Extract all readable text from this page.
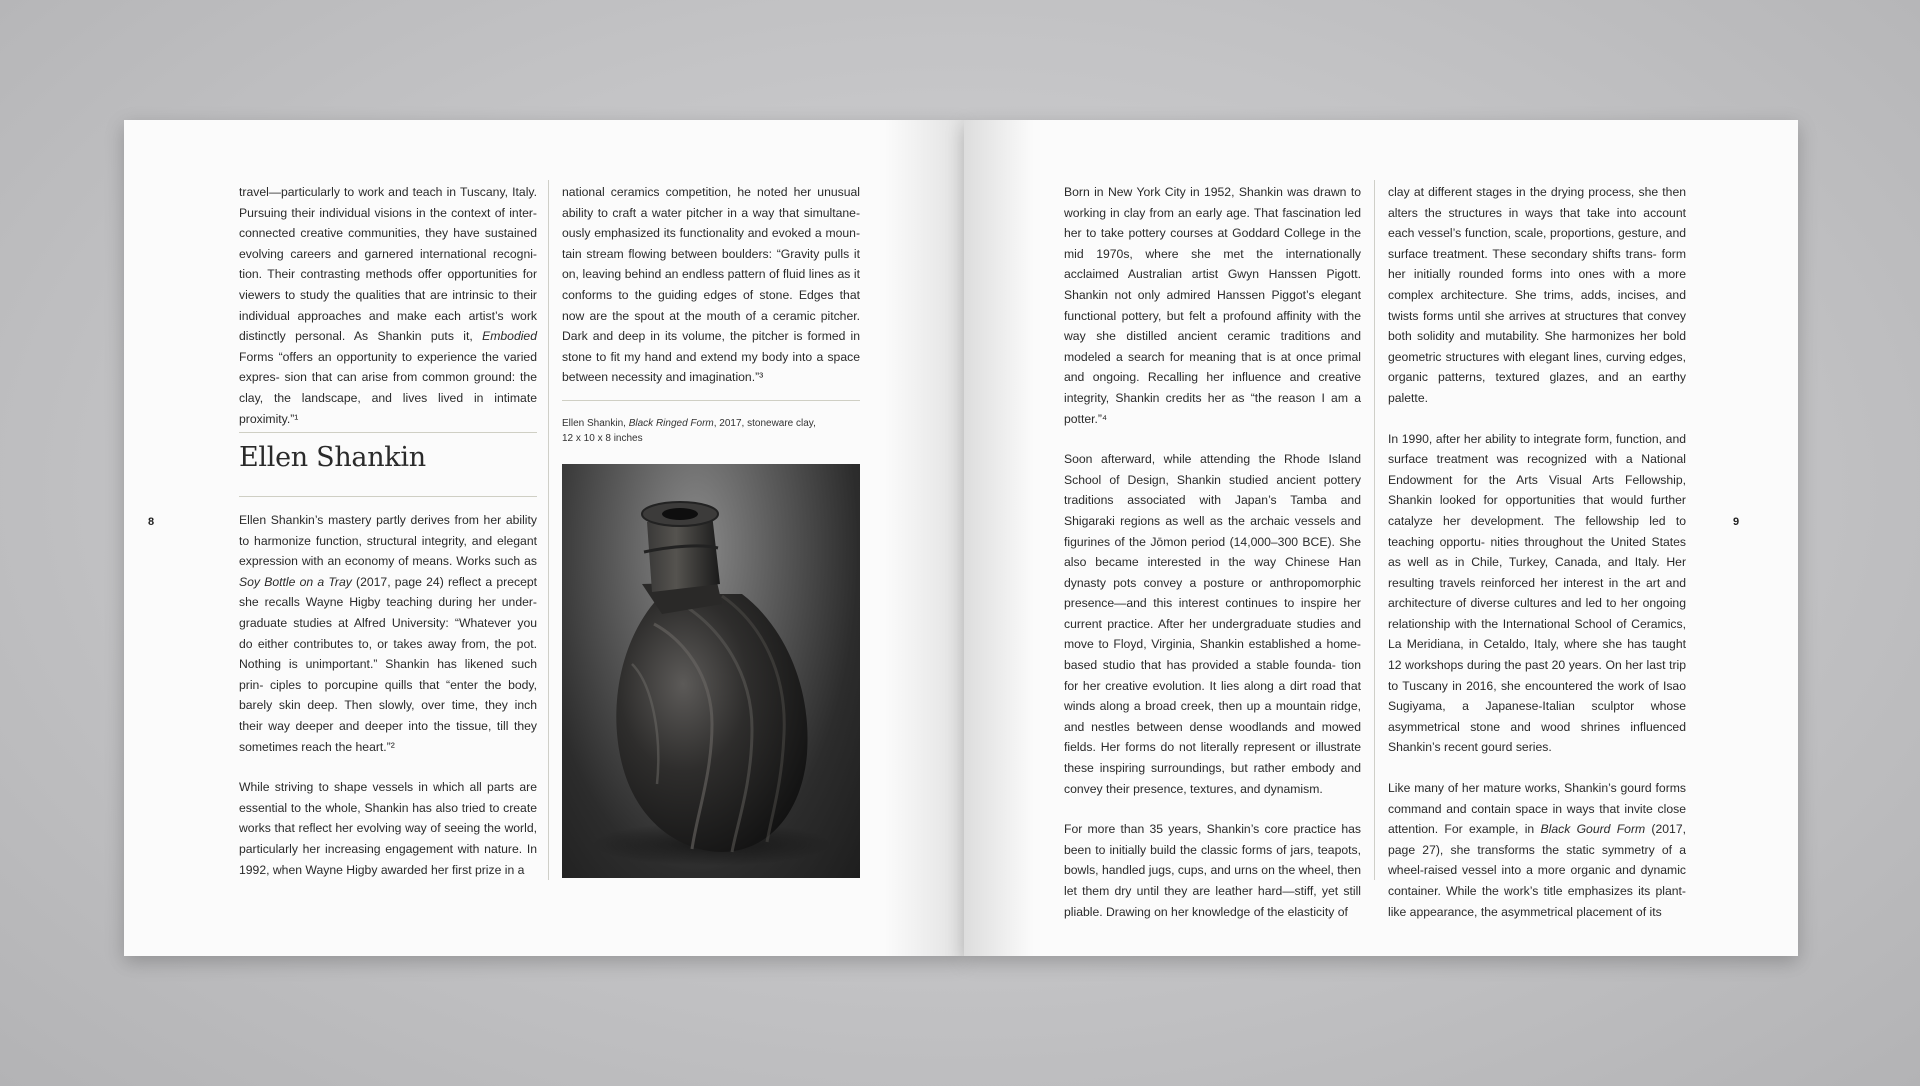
travel—particularly to work and teach in Tuscany, Italy. Pursuing their individual visions in the context of inter- connected creative communities, they have sustained evolving careers and garnered international recogni- tion. Their contrasting methods offer opportunities for viewers to study the qualities that are intrinsic to their individual approaches and make each artist’s work distinctly personal. As Shankin puts it, Embodied Forms “offers an opportunity to experience the varied expres- sion that can arise from common ground: the clay, the landscape, and lives lived in intimate proximity.”¹

Ellen Shankin

Ellen Shankin’s mastery partly derives from her ability to harmonize function, structural integrity, and elegant expression with an economy of means. Works such as Soy Bottle on a Tray (2017, page 24) reflect a precept she recalls Wayne Higby teaching during her under- graduate studies at Alfred University: “Whatever you do either contributes to, or takes away from, the pot. Nothing is unimportant.” Shankin has likened such prin- ciples to porcupine quills that “enter the body, barely skin deep. Then slowly, over time, they inch their way deeper and deeper into the tissue, till they sometimes reach the heart.”²

While striving to shape vessels in which all parts are essential to the whole, Shankin has also tried to create works that reflect her evolving way of seeing the world, particularly her increasing engagement with nature. In 1992, when Wayne Higby awarded her first prize in a

national ceramics competition, he noted her unusual ability to craft a water pitcher in a way that simultane- ously emphasized its functionality and evoked a moun- tain stream flowing between boulders: “Gravity pulls it on, leaving behind an endless pattern of fluid lines as it conforms to the guiding edges of stone. Edges that now are the spout at the mouth of a ceramic pitcher. Dark and deep in its volume, the pitcher is formed in stone to fit my hand and extend my body into a space between necessity and imagination.”³

Ellen Shankin, Black Ringed Form, 2017, stoneware clay,
12 x 10 x 8 inches
8

Born in New York City in 1952, Shankin was drawn to working in clay from an early age. That fascination led her to take pottery courses at Goddard College in the mid 1970s, where she met the internationally acclaimed Australian artist Gwyn Hanssen Pigott. Shankin not only admired Hanssen Piggot’s elegant functional pottery, but felt a profound affinity with the way she distilled ancient ceramic traditions and modeled a search for meaning that is at once primal and ongoing. Recalling her influence and creative integrity, Shankin credits her as “the reason I am a potter.”⁴

Soon afterward, while attending the Rhode Island School of Design, Shankin studied ancient pottery traditions associated with Japan’s Tamba and Shigaraki regions as well as the archaic vessels and figurines of the Jōmon period (14,000–300 BCE). She also became interested in the way Chinese Han dynasty pots convey a posture or anthropomorphic presence—and this interest continues to inspire her current practice. After her undergraduate studies and move to Floyd, Virginia, Shankin established a home-based studio that has provided a stable founda- tion for her creative evolution. It lies along a dirt road that winds along a broad creek, then up a mountain ridge, and nestles between dense woodlands and mowed fields. Her forms do not literally represent or illustrate these inspiring surroundings, but rather embody and convey their presence, textures, and dynamism.

For more than 35 years, Shankin’s core practice has been to initially build the classic forms of jars, teapots, bowls, handled jugs, cups, and urns on the wheel, then let them dry until they are leather hard—stiff, yet still pliable. Drawing on her knowledge of the elasticity of

clay at different stages in the drying process, she then alters the structures in ways that take into account each vessel’s function, scale, proportions, gesture, and surface treatment. These secondary shifts trans- form her initially rounded forms into ones with a more complex architecture. She trims, adds, incises, and twists forms until she arrives at structures that convey both solidity and mutability. She harmonizes her bold geometric structures with elegant lines, curving edges, organic patterns, textured glazes, and an earthy palette.

In 1990, after her ability to integrate form, function, and surface treatment was recognized with a National Endowment for the Arts Visual Arts Fellowship, Shankin looked for opportunities that would further catalyze her development. The fellowship led to teaching opportu- nities throughout the United States as well as in Chile, Turkey, Canada, and Italy. Her resulting travels reinforced her interest in the art and architecture of diverse cultures and led to her ongoing relationship with the International School of Ceramics, La Meridiana, in Cetaldo, Italy, where she has taught 12 workshops during the past 20 years. On her last trip to Tuscany in 2016, she encountered the work of Isao Sugiyama, a Japanese-Italian sculptor whose asymmetrical stone and wood shrines influenced Shankin’s recent gourd series.

Like many of her mature works, Shankin’s gourd forms command and contain space in ways that invite close attention. For example, in Black Gourd Form (2017, page 27), she transforms the static symmetry of a wheel-raised vessel into a more organic and dynamic container. While the work’s title emphasizes its plant- like appearance, the asymmetrical placement of its

9
